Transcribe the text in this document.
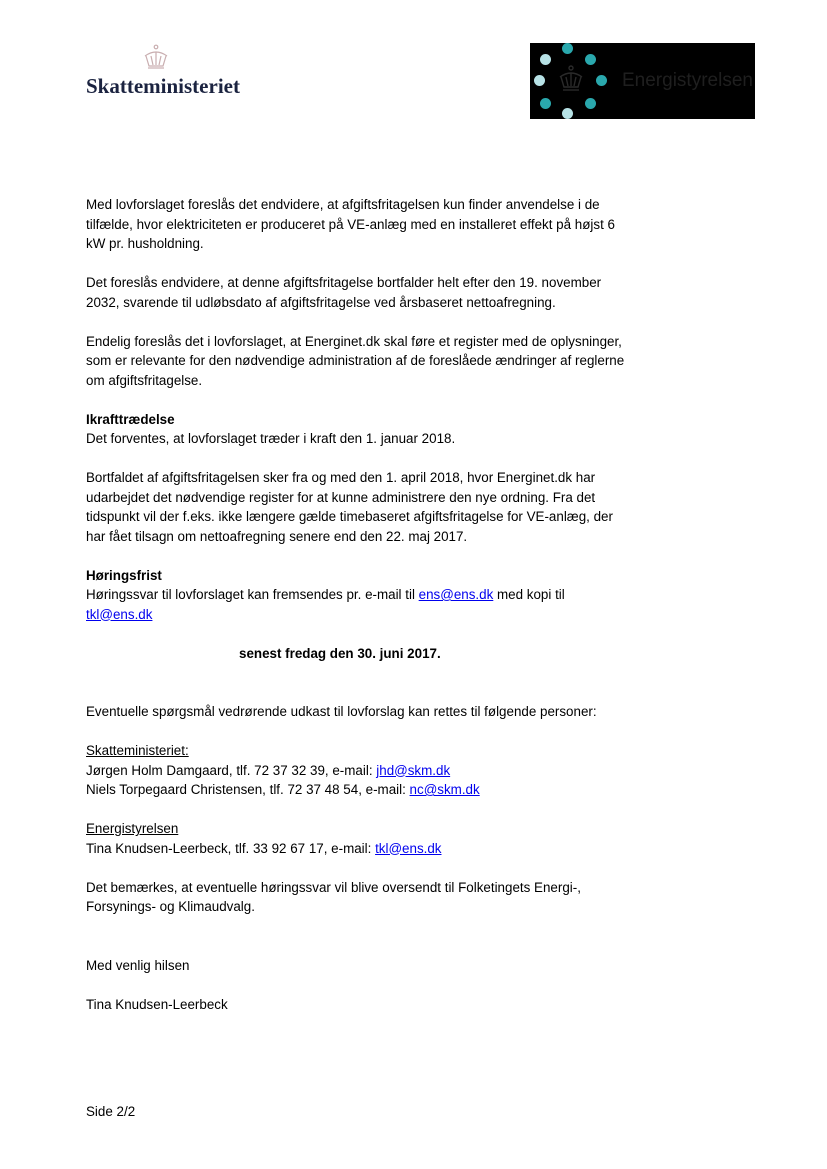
Skatteministeriet	Energistyrelsen

Med lovforslaget foreslås det endvidere, at afgiftsfritagelsen kun finder anvendelse i de tilfælde, hvor elektriciteten er produceret på VE-anlæg med en installeret effekt på højst 6 kW pr. husholdning.

Det foreslås endvidere, at denne afgiftsfritagelse bortfalder helt efter den 19. november 2032, svarende til udløbsdato af afgiftsfritagelse ved årsbaseret nettoafregning.

Endelig foreslås det i lovforslaget, at Energinet.dk skal føre et register med de oplysninger, som er relevante for den nødvendige administration af de foreslåede ændringer af reglerne om afgiftsfritagelse.

Ikrafttrædelse

Det forventes, at lovforslaget træder i kraft den 1. januar 2018.

Bortfaldet af afgiftsfritagelsen sker fra og med den 1. april 2018, hvor Energinet.dk har udarbejdet det nødvendige register for at kunne administrere den nye ordning. Fra det tidspunkt vil der f.eks. ikke længere gælde timebaseret afgiftsfritagelse for VE-anlæg, der har fået tilsagn om nettoafregning senere end den 22. maj 2017.

Høringsfrist

Høringssvar til lovforslaget kan fremsendes pr. e-mail til ens@ens.dk med kopi til tkl@ens.dk

senest fredag den 30. juni 2017.

Eventuelle spørgsmål vedrørende udkast til lovforslag kan rettes til følgende personer:

Skatteministeriet:

Jørgen Holm Damgaard, tlf. 72 37 32 39, e-mail: jhd@skm.dk

Niels Torpegaard Christensen, tlf. 72 37 48 54, e-mail: nc@skm.dk

Energistyrelsen

Tina Knudsen-Leerbeck, tlf. 33 92 67 17, e-mail: tkl@ens.dk

Det bemærkes, at eventuelle høringssvar vil blive oversendt til Folketingets Energi-, Forsynings- og Klimaudvalg.

Med venlig hilsen

Tina Knudsen-Leerbeck

Side 2/2
